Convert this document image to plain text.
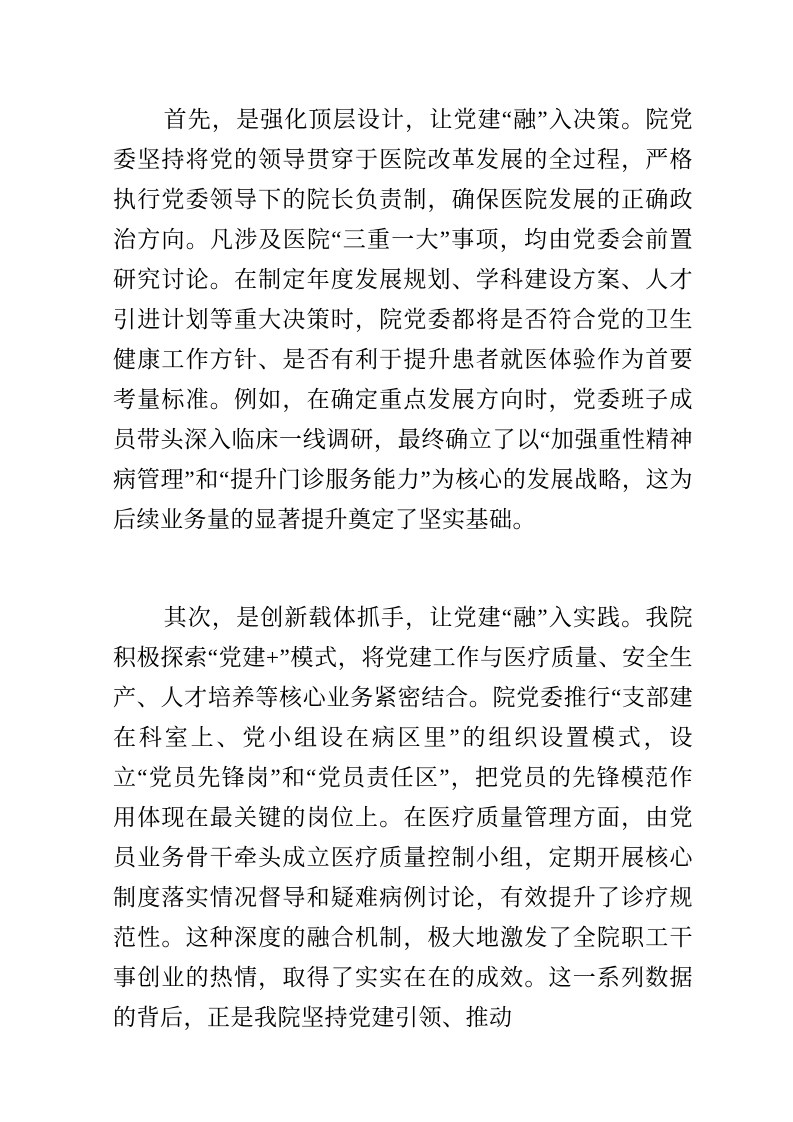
首先，是强化顶层设计，让党建“融”入决策。院党委坚持将党的领导贯穿于医院改革发展的全过程，严格执行党委领导下的院长负责制，确保医院发展的正确政治方向。凡涉及医院“三重一大”事项，均由党委会前置研究讨论。在制定年度发展规划、学科建设方案、人才引进计划等重大决策时，院党委都将是否符合党的卫生健康工作方针、是否有利于提升患者就医体验作为首要考量标准。例如，在确定重点发展方向时，党委班子成员带头深入临床一线调研，最终确立了以“加强重性精神病管理”和“提升门诊服务能力”为核心的发展战略，这为后续业务量的显著提升奠定了坚实基础。

其次，是创新载体抓手，让党建“融”入实践。我院积极探索“党建+”模式，将党建工作与医疗质量、安全生产、人才培养等核心业务紧密结合。院党委推行“支部建在科室上、党小组设在病区里”的组织设置模式，设立“党员先锋岗”和“党员责任区”，把党员的先锋模范作用体现在最关键的岗位上。在医疗质量管理方面，由党员业务骨干牵头成立医疗质量控制小组，定期开展核心制度落实情况督导和疑难病例讨论，有效提升了诊疗规范性。这种深度的融合机制，极大地激发了全院职工干事创业的热情，取得了实实在在的成效。这一系列数据的背后，正是我院坚持党建引领、推动
